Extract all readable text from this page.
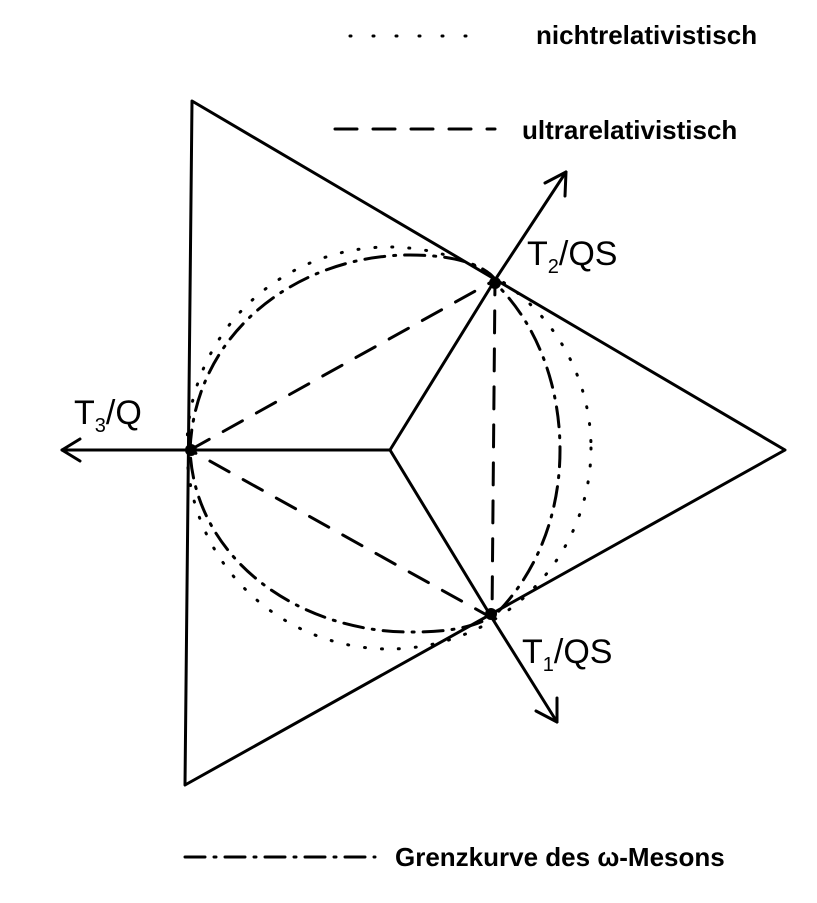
nichtrelativistisch
ultrarelativistisch
T2/QS
T3/Q
T1/QS
Grenzkurve des ω-Mesons
